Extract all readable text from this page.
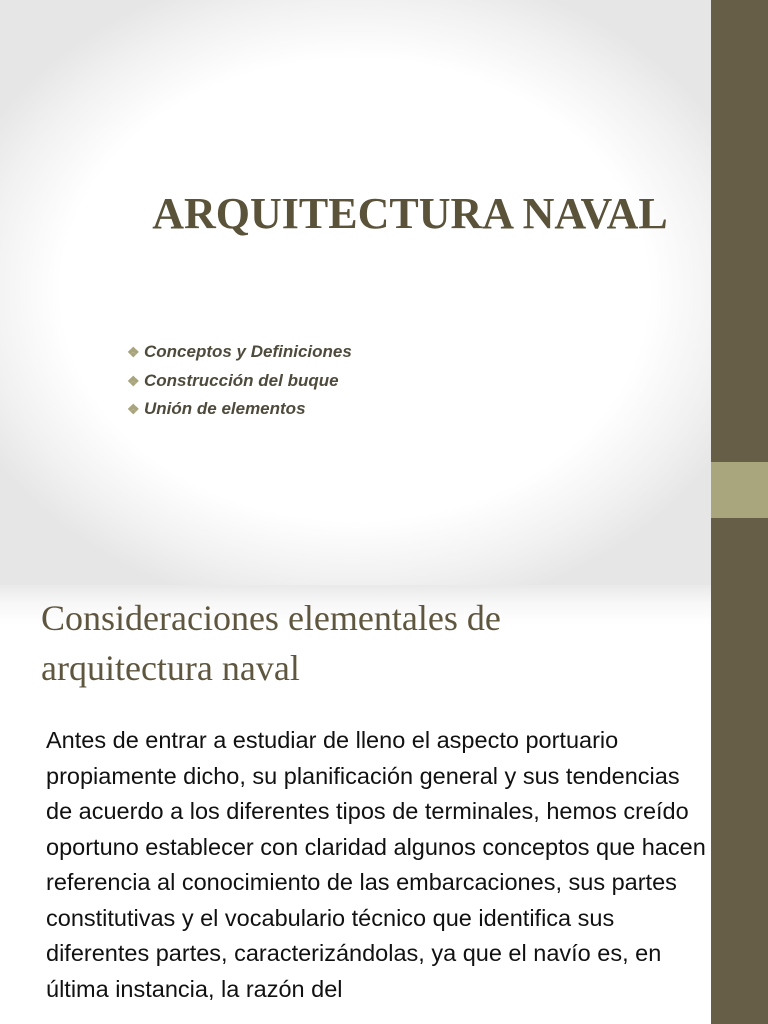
ARQUITECTURA NAVAL
❖ Conceptos y Definiciones
❖ Construcción del buque
❖ Unión de elementos
Consideraciones elementales de arquitectura naval

Antes de entrar a estudiar de lleno el aspecto portuario propiamente dicho, su planificación general y sus tendencias de acuerdo a los diferentes tipos de terminales, hemos creído oportuno establecer con claridad algunos conceptos que hacen referencia al conocimiento de las embarcaciones, sus partes constitutivas y el vocabulario técnico que identifica sus diferentes partes, caracterizándolas, ya que el navío es, en última instancia, la razón del
